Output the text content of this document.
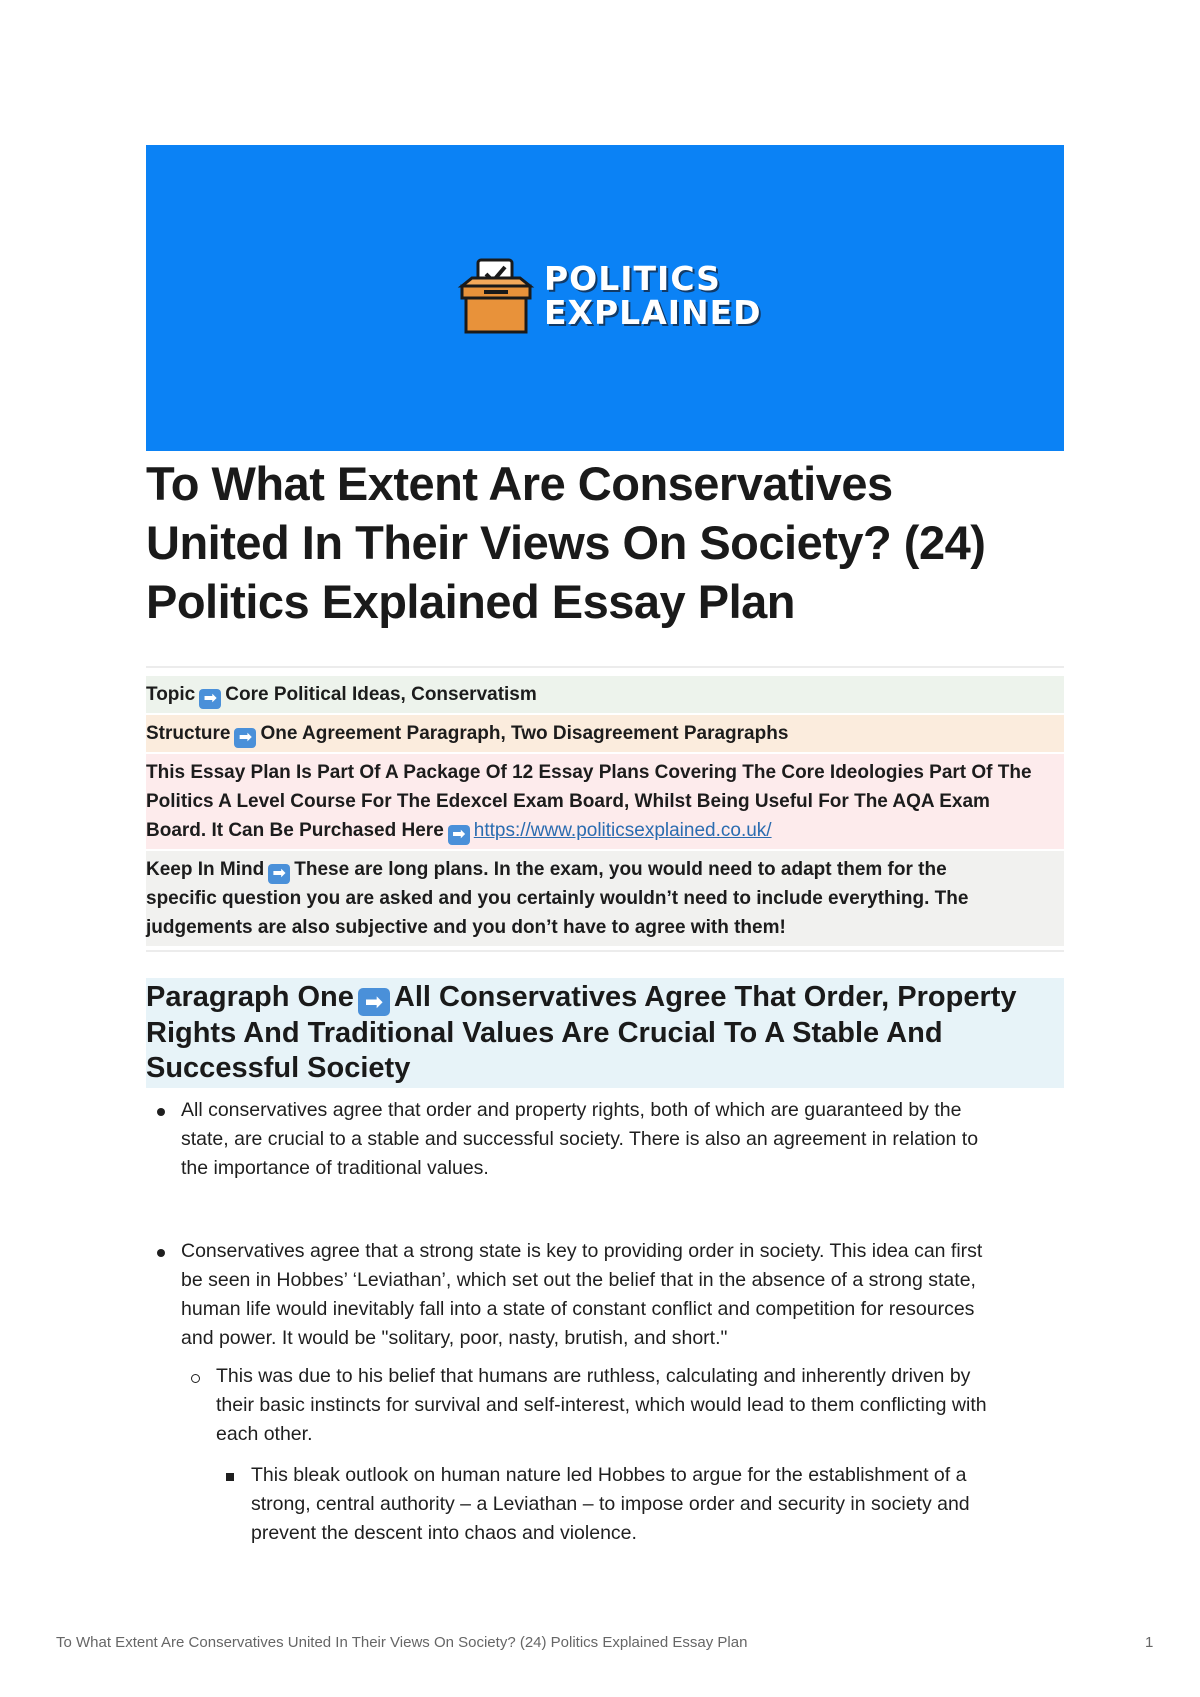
POLITICS
EXPLAINED
To What Extent Are Conservatives
United In Their Views On Society? (24)
Politics Explained Essay Plan
Topic ➡ Core Political Ideas, Conservatism
Structure ➡ One Agreement Paragraph, Two Disagreement Paragraphs
This Essay Plan Is Part Of A Package Of 12 Essay Plans Covering The Core Ideologies Part Of The
Politics A Level Course For The Edexcel Exam Board, Whilst Being Useful For The AQA Exam
Board. It Can Be Purchased Here ➡ https://www.politicsexplained.co.uk/
Keep In Mind ➡ These are long plans. In the exam, you would need to adapt them for the
specific question you are asked and you certainly wouldn’t need to include everything. The
judgements are also subjective and you don’t have to agree with them!
Paragraph One ➡ All Conservatives Agree That Order, Property
Rights And Traditional Values Are Crucial To A Stable And
Successful Society
All conservatives agree that order and property rights, both of which are guaranteed by the
state, are crucial to a stable and successful society. There is also an agreement in relation to
the importance of traditional values.
Conservatives agree that a strong state is key to providing order in society. This idea can first
be seen in Hobbes’ ‘Leviathan’, which set out the belief that in the absence of a strong state,
human life would inevitably fall into a state of constant conflict and competition for resources
and power. It would be "solitary, poor, nasty, brutish, and short."
This was due to his belief that humans are ruthless, calculating and inherently driven by
their basic instincts for survival and self-interest, which would lead to them conflicting with
each other.
This bleak outlook on human nature led Hobbes to argue for the establishment of a
strong, central authority – a Leviathan – to impose order and security in society and
prevent the descent into chaos and violence.
To What Extent Are Conservatives United In Their Views On Society? (24) Politics Explained Essay Plan	1
